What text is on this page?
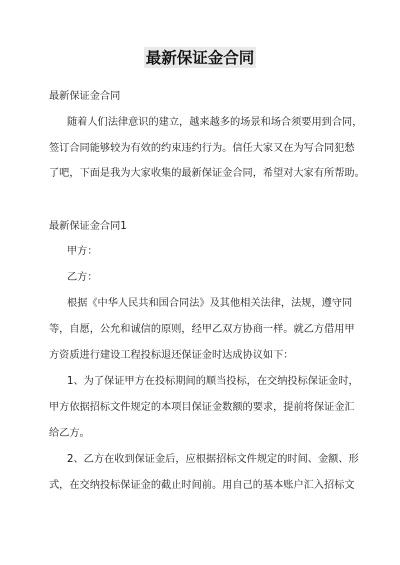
最新保证金合同
最新保证金合同
随着人们法律意识的建立，越来越多的场景和场合须要用到合同，
签订合同能够较为有效的约束违约行为。信任大家又在为写合同犯愁
了吧，下面是我为大家收集的最新保证金合同，希望对大家有所帮助。
最新保证金合同1
甲方：
乙方：
根据《中华人民共和国合同法》及其他相关法律，法规，遵守同
等，自愿，公允和诚信的原则，经甲乙双方协商一样。就乙方借用甲
方资质进行建设工程投标退还保证金时达成协议如下：
1、为了保证甲方在投标期间的顺当投标，在交纳投标保证金时，
甲方依据招标文件规定的本项目保证金数额的要求，提前将保证金汇
给乙方。
2、乙方在收到保证金后，应根据招标文件规定的时间、金额、形
式，在交纳投标保证金的截止时间前。用自己的基本账户汇入招标文
